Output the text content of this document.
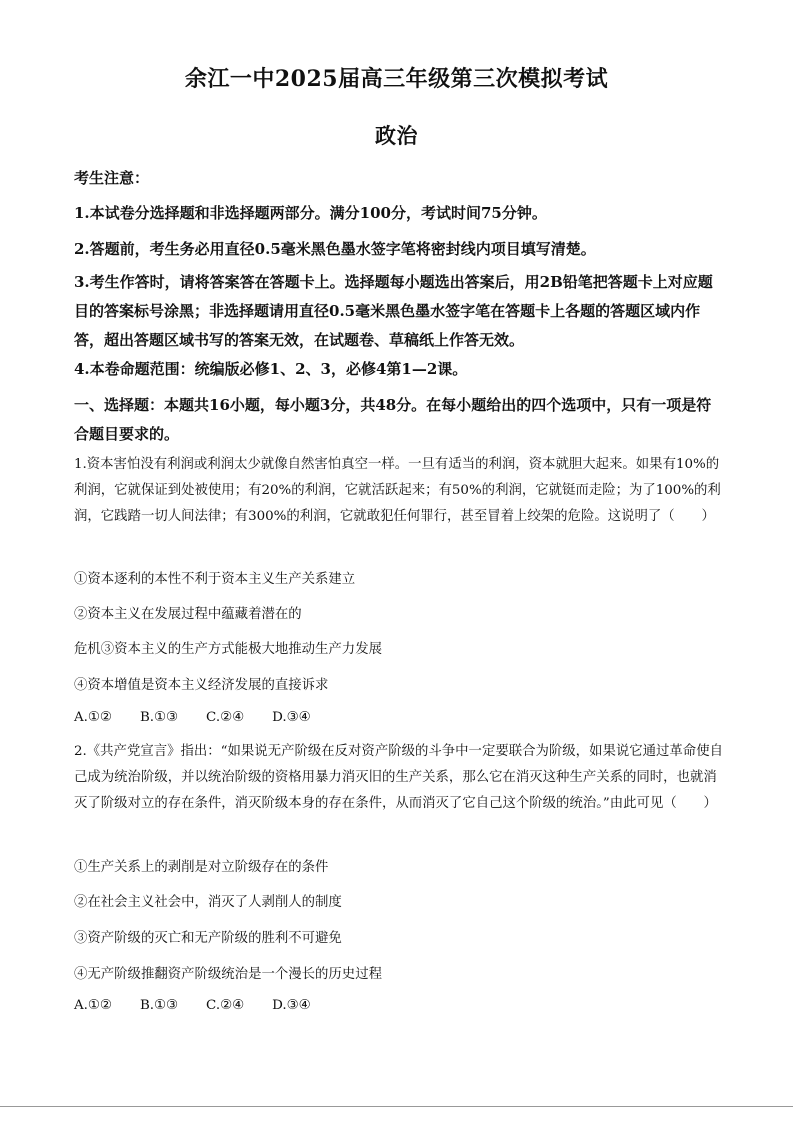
余江一中2025届高三年级第三次模拟考试
政治
考生注意：
1.本试卷分选择题和非选择题两部分。满分100分，考试时间75分钟。
2.答题前，考生务必用直径0.5毫米黑色墨水签字笔将密封线内项目填写清楚。
3.考生作答时，请将答案答在答题卡上。选择题每小题选出答案后，用2B铅笔把答题卡上对应题目的答案标号涂黑；非选择题请用直径0.5毫米黑色墨水签字笔在答题卡上各题的答题区域内作答，超出答题区域书写的答案无效，在试题卷、草稿纸上作答无效。
4.本卷命题范围：统编版必修1、2、3，必修4第1—2课。
一、选择题：本题共16小题，每小题3分，共48分。在每小题给出的四个选项中，只有一项是符合题目要求的。
1.资本害怕没有利润或利润太少就像自然害怕真空一样。一旦有适当的利润，资本就胆大起来。如果有10%的利润，它就保证到处被使用；有20%的利润，它就活跃起来；有50%的利润，它就铤而走险；为了100%的利润，它践踏一切人间法律；有300%的利润，它就敢犯任何罪行，甚至冒着上绞架的危险。这说明了（　　）
①资本逐利的本性不利于资本主义生产关系建立
②资本主义在发展过程中蕴藏着潜在的
危机③资本主义的生产方式能极大地推动生产力发展
④资本增值是资本主义经济发展的直接诉求
A.①② B.①③ C.②④ D.③④
2.《共产党宣言》指出：“如果说无产阶级在反对资产阶级的斗争中一定要联合为阶级，如果说它通过革命使自己成为统治阶级，并以统治阶级的资格用暴力消灭旧的生产关系，那么它在消灭这种生产关系的同时，也就消灭了阶级对立的存在条件，消灭阶级本身的存在条件，从而消灭了它自己这个阶级的统治。”由此可见（　　）
①生产关系上的剥削是对立阶级存在的条件
②在社会主义社会中，消灭了人剥削人的制度
③资产阶级的灭亡和无产阶级的胜利不可避免
④无产阶级推翻资产阶级统治是一个漫长的历史过程
A.①② B.①③ C.②④ D.③④
